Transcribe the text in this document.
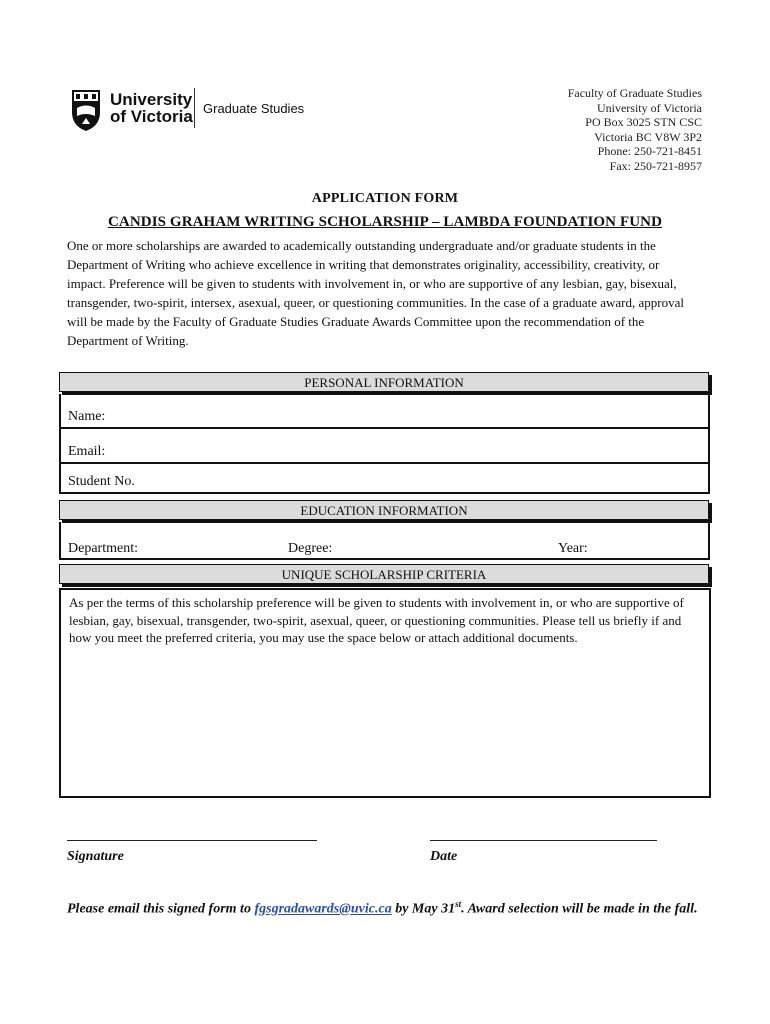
University
of Victoria Graduate Studies
Faculty of Graduate Studies
University of Victoria
PO Box 3025 STN CSC
Victoria BC V8W 3P2
Phone: 250-721-8451
Fax: 250-721-8957
APPLICATION FORM
CANDIS GRAHAM WRITING SCHOLARSHIP – LAMBDA FOUNDATION FUND
One or more scholarships are awarded to academically outstanding undergraduate and/or graduate students in the Department of Writing who achieve excellence in writing that demonstrates originality, accessibility, creativity, or impact. Preference will be given to students with involvement in, or who are supportive of any lesbian, gay, bisexual, transgender, two-spirit, intersex, asexual, queer, or questioning communities. In the case of a graduate award, approval will be made by the Faculty of Graduate Studies Graduate Awards Committee upon the recommendation of the Department of Writing.
PERSONAL INFORMATION
Name:
Email:
Student No.
EDUCATION INFORMATION
Department:	Degree:	Year:
UNIQUE SCHOLARSHIP CRITERIA
As per the terms of this scholarship preference will be given to students with involvement in, or who are supportive of lesbian, gay, bisexual, transgender, two-spirit, asexual, queer, or questioning communities. Please tell us briefly if and how you meet the preferred criteria, you may use the space below or attach additional documents.
Signature	Date
Please email this signed form to fgsgradawards@uvic.ca by May 31st. Award selection will be made in the fall.
